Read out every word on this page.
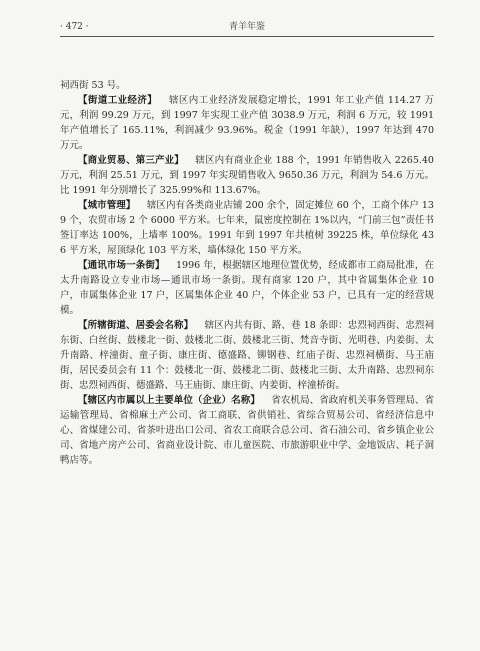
· 472 ·	青羊年鉴

祠西街 53 号。

【街道工业经济】 辖区内工业经济发展稳定增长，1991 年工业产值 114.27 万元，利润 99.29 万元，到 1997 年实现工业产值 3038.9 万元，利润 6 万元，较 1991 年产值增长了 165.11%，利润减少 93.96%。税金（1991 年缺），1997 年达到 470 万元。

【商业贸易、第三产业】 辖区内有商业企业 188 个，1991 年销售收入 2265.40 万元，利润 25.51 万元，到 1997 年实现销售收入 9650.36 万元，利润为 54.6 万元。比 1991 年分别增长了 325.99%和 113.67%。

【城市管理】 辖区内有各类商业店铺 200 余个，固定摊位 60 个，工商个体户 139 个，农贸市场 2 个 6000 平方米。七年来，鼠密度控制在 1%以内，“门前三包”责任书签订率达 100%，上墙率 100%。1991 年到 1997 年共植树 39225 株，单位绿化 436 平方米，屋顶绿化 103 平方米，墙体绿化 150 平方米。

【通讯市场一条街】 1996 年，根据辖区地理位置优势，经成都市工商局批准，在太升南路设立专业市场—通讯市场一条街。现有商家 120 户，其中省属集体企业 10 户，市属集体企业 17 户，区属集体企业 40 户，个体企业 53 户，已具有一定的经营规模。

【所辖街道、居委会名称】 辖区内共有街、路、巷 18 条即：忠烈祠西街、忠烈祠东街、白丝街、鼓楼北一街、鼓楼北二街、鼓楼北三街、梵音寺街、光明巷、内姜街、太升南路、梓潼街、童子街、康庄街、德盛路、铆钢巷、红庙子街、忠烈祠横街、马王庙街，居民委员会有 11 个：鼓楼北一街、鼓楼北二街、鼓楼北三街、太升南路、忠烈祠东街、忠烈祠西街、德盛路、马王庙街、康庄街、内姜街、梓潼桥街。

【辖区内市属以上主要单位（企业）名称】 省农机局、省政府机关事务管理局、省运输管理局、省棉麻土产公司、省工商联、省供销社、省综合贸易公司、省经济信息中心、省煤建公司、省茶叶进出口公司、省农工商联合总公司、省石油公司、省乡镇企业公司、省地产房产公司、省商业设计院、市儿童医院、市旅游职业中学、金地饭店、耗子洞鸭店等。
